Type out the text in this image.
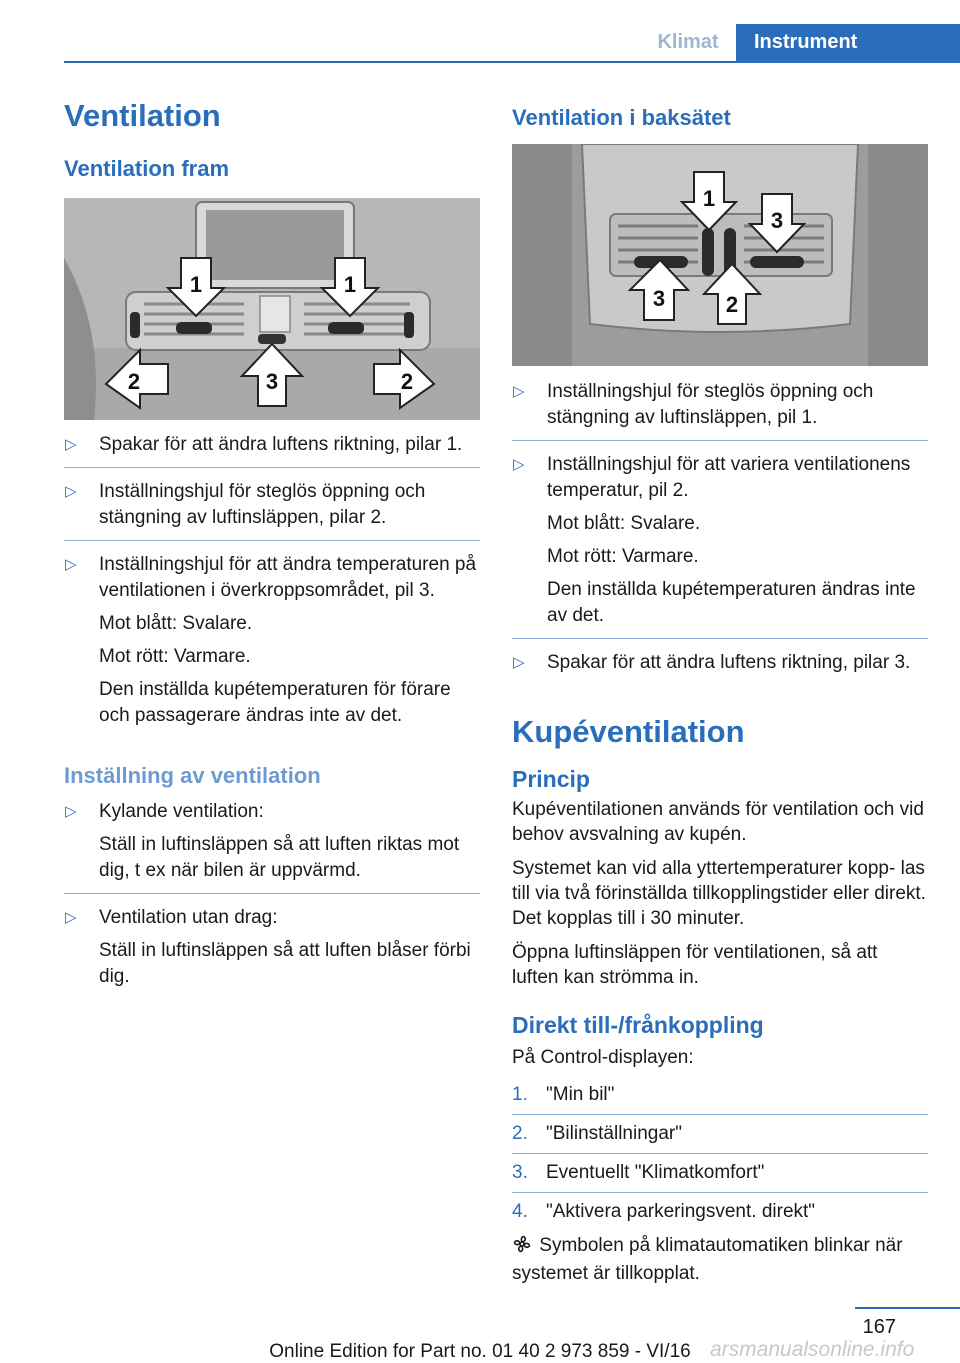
Klimat	Instrument
Ventilation
Ventilation fram
1	1
2	3	2
▷ Spakar för att ändra luftens riktning, pilar 1.
▷ Inställningshjul för steglös öppning och stängning av luftinsläppen, pilar 2.
▷ Inställningshjul för att ändra temperaturen på ventilationen i överkroppsområdet, pil 3.
Mot blått: Svalare.
Mot rött: Varmare.
Den inställda kupétemperaturen för förare och passagerare ändras inte av det.
Inställning av ventilation
▷ Kylande ventilation:
Ställ in luftinsläppen så att luften riktas mot dig, t ex när bilen är uppvärmd.
▷ Ventilation utan drag:
Ställ in luftinsläppen så att luften blåser förbi dig.
Ventilation i baksätet
1
3
3	2
▷ Inställningshjul för steglös öppning och stängning av luftinsläppen, pil 1.
▷ Inställningshjul för att variera ventilationens temperatur, pil 2.
Mot blått: Svalare.
Mot rött: Varmare.
Den inställda kupétemperaturen ändras inte av det.
▷ Spakar för att ändra luftens riktning, pilar 3.
Kupéventilation
Princip

Kupéventilationen används för ventilation och vid behov avsvalning av kupén.

Systemet kan vid alla yttertemperaturer kopp‐ las till via två förinställda tillkopplingstider eller direkt. Det kopplas till i 30 minuter.

Öppna luftinsläppen för ventilationen, så att luften kan strömma in.

Direkt till-/frånkoppling

På Control-displayen:

1. "Min bil"
2. "Bilinställningar"
3. Eventuellt "Klimatkomfort"
4. "Aktivera parkeringsvent. direkt"

Symbolen på klimatautomatiken blinkar när systemet är tillkopplat.

167
Online Edition for Part no. 01 40 2 973 859 - VI/16 arsmanualsonline.info
